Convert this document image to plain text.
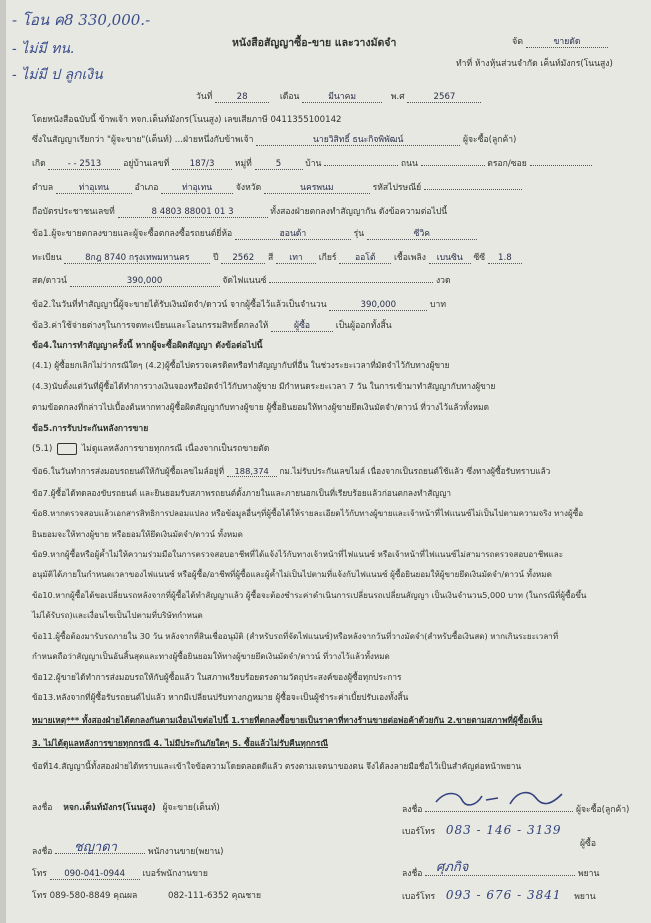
- โอน ค8 330,000.-
- ไม่มี ทน.
- ไม่มี ป ลูกเงิน
หนังสือสัญญาซื้อ-ขาย และวางมัดจำ	จัด	ขายดัด
ทำที่ ห้างหุ้นส่วนจำกัด เค็นท์มังกร(โนนสูง)
วันที่	28	เดือน	มีนาคม	พ.ศ	2567
โดยหนังสือฉบับนี้ ข้าพเจ้า หจก.เต็นท์มังกร(โนนสูง) เลขเสียภาษี 0411355100142
ซึ่งในสัญญาเรียกว่า "ผู้จะขาย"(เต็นท์) ...ฝ่ายหนึ่งกับข้าพเจ้า	นายวิสิทธิ์ ธนะกิจพิพัฒน์	ผู้จะซื้อ(ลูกค้า)
เกิด	- - 2513	อยู่บ้านเลขที่ 187/3 หมู่ที่	5	บ้าน	ถนน	ตรอก/ซอย
ตำบล	ท่าอุเทน	อำเภอ	ท่าอุเทน	จังหวัด	นครพนม	รหัสไปรษณีย์
ถือบัตรประชาชนเลขที่	8 4803 88001 01 3	ทั้งสองฝ่ายตกลงทำสัญญากัน ดังข้อความต่อไปนี้
ข้อ1.ผู้จะขายตกลงขายและผู้จะซื้อตกลงซื้อรถยนต์ยี่ห้อ	ฮอนด้า	รุ่น	ซีวิค
ทะเบียน	8กฎ 8740 กรุงเทพมหานคร	ปี 2562 สี เทา เกียร์ ออโต้ เชื้อเพลิง เบนซิน ซีซี 1.8
สด/ดาวน์	390,000	จัดไฟแนนซ์	งวด
ข้อ2.ในวันที่ทำสัญญานี้ผู้จะขายได้รับเงินมัดจำ/ดาวน์ จากผู้ซื้อไว้แล้วเป็นจำนวน	390,000	บาท
ข้อ3.ค่าใช้จ่ายต่างๆในการจดทะเบียนและโอนกรรมสิทธิ์ตกลงให้	ผู้ซื้อ	เป็นผู้ออกทั้งสิ้น
ข้อ4.ในการทำสัญญาครั้งนี้ หากผู้จะซื้อผิดสัญญา ดังข้อต่อไปนี้
(4.1) ผู้ซื้อยกเลิกไม่ว่ากรณีใดๆ (4.2)ผู้ซื้อไปตรวจเครดิตหรือทำสัญญากับที่อื่น ในช่วงระยะเวลาที่มัดจำไว้กับทางผู้ขาย
(4.3)นับตั้งแต่วันที่ผู้ซื้อได้ทำการวางเงินจองหรือมัดจำไว้กับทางผู้ขาย มีกำหนดระยะเวลา 7 วัน ในการเข้ามาทำสัญญากับทางผู้ขาย
ตามข้อตกลงที่กล่าวไปเบื้องต้นหากทางผู้ซื้อผิดสัญญากับทางผู้ขาย ผู้ซื้อยินยอมให้ทางผู้ขายยึดเงินมัดจำ/ดาวน์ ที่วางไว้แล้วทั้งหมด
ข้อ5.การรับประกันหลังการขาย
(5.1)	ไม่ดูแลหลังการขายทุกกรณี เนื่องจากเป็นรถขายตัด
ข้อ6.ในวันทำการส่งมอบรถยนต์ให้กับผู้ซื้อเลขไมล์อยู่ที่ 188,374 กม.ไม่รับประกันเลขไมล์ เนื่องจากเป็นรถยนต์ใช้แล้ว ซึ่งทางผู้ซื้อรับทราบแล้ว
ข้อ7.ผู้ซื้อได้ทดลองขับรถยนต์ และยินยอมรับสภาพรถยนต์ตั้งภายในและภายนอกเป็นที่เรียบร้อยแล้วก่อนตกลงทำสัญญา
ข้อ8.หากตรวจสอบแล้วเอกสารสิทธิการปลอมแปลง หรือข้อมูลอื่นๆที่ผู้ซื้อได้ให้รายละเอียดไว้กับทางผู้ขายและเจ้าหน้าที่ไฟแนนซ์ไม่เป็นไปตามความจริง ทางผู้ซื้อ
ยินยอมจะให้ทางผู้ขาย หรือยอมให้ยึดเงินมัดจำ/ดาวน์ ทั้งหมด
ข้อ9.หากผู้ซื้อหรือผู้ค้ำไม่ให้ความร่วมมือในการตรวจสอบอาชีพที่ได้แจ้งไว้กับทางเจ้าหน้าที่ไฟแนนซ์ หรือเจ้าหน้าที่ไฟแนนซ์ไม่สามารถตรวจสอบอาชีพและ
อนุมัติได้ภายในกำหนดเวลาของไฟแนนซ์ หรือผู้ซื้อ/อาชีพที่ผู้ซื้อและผู้ค้ำไม่เป็นไปตามที่แจ้งกับไฟแนนซ์ ผู้ซื้อยินยอมให้ผู้ขายยึดเงินมัดจำ/ดาวน์ ทั้งหมด
ข้อ10.หากผู้ซื้อได้ขอเปลี่ยนรถหลังจากที่ผู้ซื้อได้ทำสัญญาแล้ว ผู้ซื้อจะต้องชำระค่าดำเนินการเปลี่ยนรถเปลี่ยนสัญญา เป็นเงินจำนวน5,000 บาท (ในกรณีที่ผู้ซื้อขึ้น
ไม่ได้รับรถ)และเงื่อนไขเป็นไปตามที่บริษัทกำหนด
ข้อ11.ผู้ซื้อต้องมารับรถภายใน 30 วัน หลังจากที่สินเชื่ออนุมัติ (สำหรับรถที่จัดไฟแนนซ์)หรือหลังจากวันที่วางมัดจำ(สำหรับซื้อเงินสด) หากเกินระยะเวลาที่
กำหนดถือว่าสัญญาเป็นอันสิ้นสุดและทางผู้ซื้อยินยอมให้ทางผู้ขายยึดเงินมัดจำ/ดาวน์ ที่วางไว้แล้วทั้งหมด
ข้อ12.ผู้ขายได้ทำการส่งมอบรถให้กับผู้ซื้อแล้ว ในสภาพเรียบร้อยตรงตามวัตถุประสงค์ของผู้ซื้อทุกประการ
ข้อ13.หลังจากที่ผู้ซื้อรับรถยนต์ไปแล้ว หากมีเปลี่ยนปรับทางกฎหมาย ผู้ซื้อจะเป็นผู้ชำระค่าเบี้ยปรับเองทั้งสิ้น
หมายเหตุ*** ทั้งสองฝ่ายได้ตกลงกันตามเงื่อนไขต่อไปนี้ 1.รายที่ตกลงซื้อขายเป็นราคาที่ทางร้านขายต่อพ่อค้าด้วยกัน 2.ขายตามสภาพที่ผู้ซื้อเห็น
3. ไม่ได้ดูแลหลังการขายทุกกรณี 4. ไม่มีประกันภัยใดๆ 5. ซื้อแล้วไม่รับคืนทุกกรณี
ข้อที่14.สัญญานี้ทั้งสองฝ่ายได้ทราบและเข้าใจข้อความโดยตลอดดีแล้ว ตรงตามเจตนาของตน จึงได้ลงลายมือชื่อไว้เป็นสำคัญต่อหน้าพยาน
ลงชื่อ หจก.เต็นท์มังกร(โนนสูง) ผู้จะขาย(เต็นท์)	ลงชื่อ	ผู้จะซื้อ(ลูกค้า)
เบอร์โทร 083 - 146 - 3139
ผู้ซื้อ
ลงชื่อ	พนักงานขาย(พยาน)
ชญาดา
โทร 090-041-0944 เบอร์พนักงานขาย
โทร 089-580-8849 คุณผล	082-111-6352 คุณชาย
ลงชื่อ	พยาน
ศุภกิจ
เบอร์โทร 093 - 676 - 3841 พยาน
